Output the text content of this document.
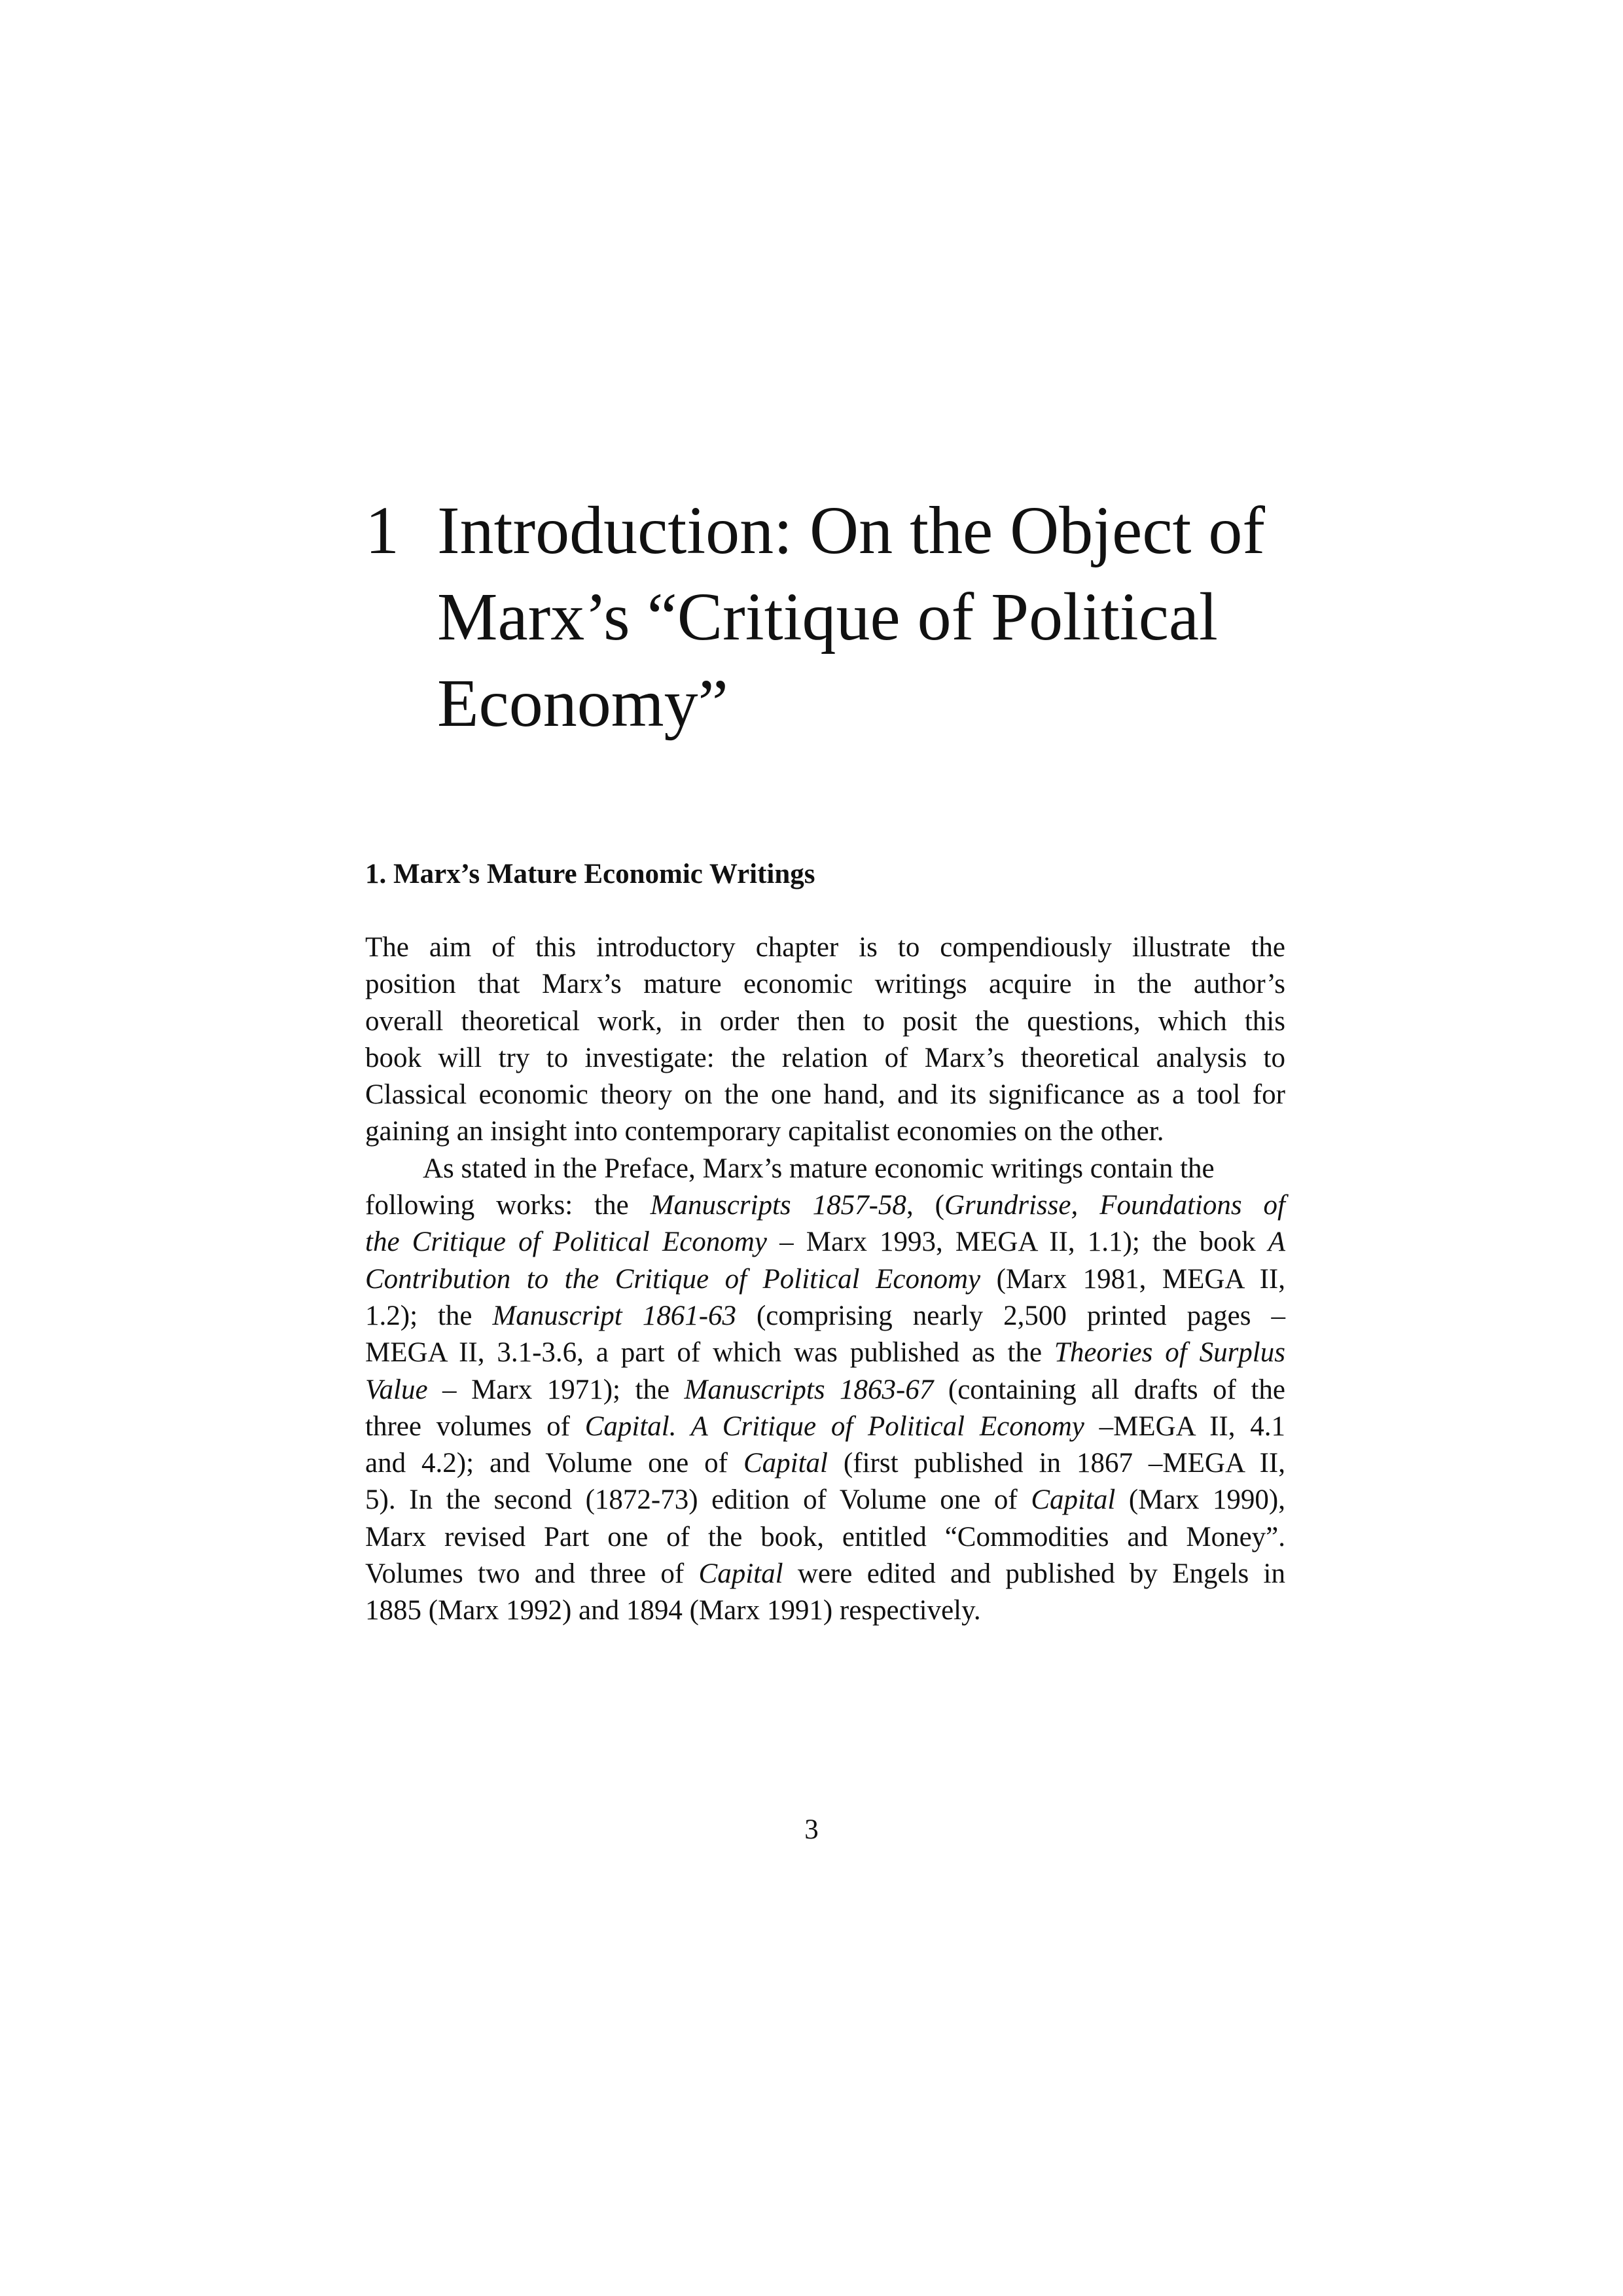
1 Introduction: On the Object of
Marx’s “Critique of Political
Economy”
1. Marx’s Mature Economic Writings
The aim of this introductory chapter is to compendiously illustrate the
position that Marx’s mature economic writings acquire in the author’s
overall theoretical work, in order then to posit the questions, which this
book will try to investigate: the relation of Marx’s theoretical analysis to
Classical economic theory on the one hand, and its significance as a tool for
gaining an insight into contemporary capitalist economies on the other.
As stated in the Preface, Marx’s mature economic writings contain the
following works: the Manuscripts 1857-58, (Grundrisse, Foundations of
the Critique of Political Economy – Marx 1993, MEGA II, 1.1); the book A
Contribution to the Critique of Political Economy (Marx 1981, MEGA II,
1.2); the Manuscript 1861-63 (comprising nearly 2,500 printed pages –
MEGA II, 3.1-3.6, a part of which was published as the Theories of Surplus
Value – Marx 1971); the Manuscripts 1863-67 (containing all drafts of the
three volumes of Capital. A Critique of Political Economy –MEGA II, 4.1
and 4.2); and Volume one of Capital (first published in 1867 –MEGA II,
5). In the second (1872-73) edition of Volume one of Capital (Marx 1990),
Marx revised Part one of the book, entitled “Commodities and Money”.
Volumes two and three of Capital were edited and published by Engels in
1885 (Marx 1992) and 1894 (Marx 1991) respectively.
3
